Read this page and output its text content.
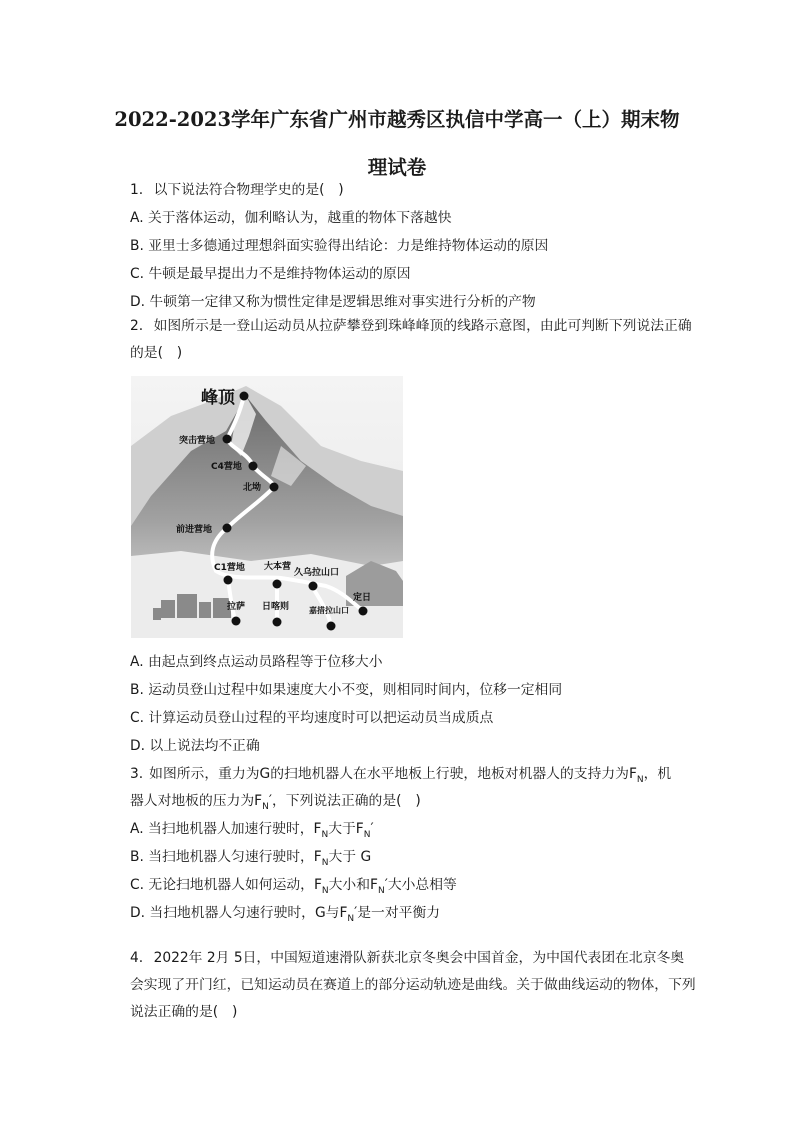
2022-2023学年广东省广州市越秀区执信中学高一（上）期末物
理试卷
1. 以下说法符合物理学史的是(　)
A. 关于落体运动，伽利略认为，越重的物体下落越快
B. 亚里士多德通过理想斜面实验得出结论：力是维持物体运动的原因
C. 牛顿是最早提出力不是维持物体运动的原因
D. 牛顿第一定律又称为惯性定律是逻辑思维对事实进行分析的产物
2. 如图所示是一登山运动员从拉萨攀登到珠峰峰顶的线路示意图，由此可判断下列说法正确的是(　)
峰顶
突击营地
C4营地
北坳
前进营地
C1营地 大本营
久乌拉山口
定日
拉萨 日喀则 嘉措拉山口
A. 由起点到终点运动员路程等于位移大小
B. 运动员登山过程中如果速度大小不变，则相同时间内，位移一定相同
C. 计算运动员登山过程的平均速度时可以把运动员当成质点
D. 以上说法均不正确
3. 如图所示，重力为G的扫地机器人在水平地板上行驶，地板对机器人的支持力为$F_N$，机
器人对地板的压力为$F_N'$，下列说法正确的是(　)
A. 当扫地机器人加速行驶时，$F_N$大于$F_N'$
B. 当扫地机器人匀速行驶时，$F_N$大于 G
C. 无论扫地机器人如何运动，$F_N$大小和$F_N'$大小总相等
D. 当扫地机器人匀速行驶时，G与$F_N'$是一对平衡力
4. 2022年 2月 5日，中国短道速滑队新获北京冬奥会中国首金，为中国代表团在北京冬奥会实现了开门红，已知运动员在赛道上的部分运动轨迹是曲线。关于做曲线运动的物体，下列说法正确的是(　)
